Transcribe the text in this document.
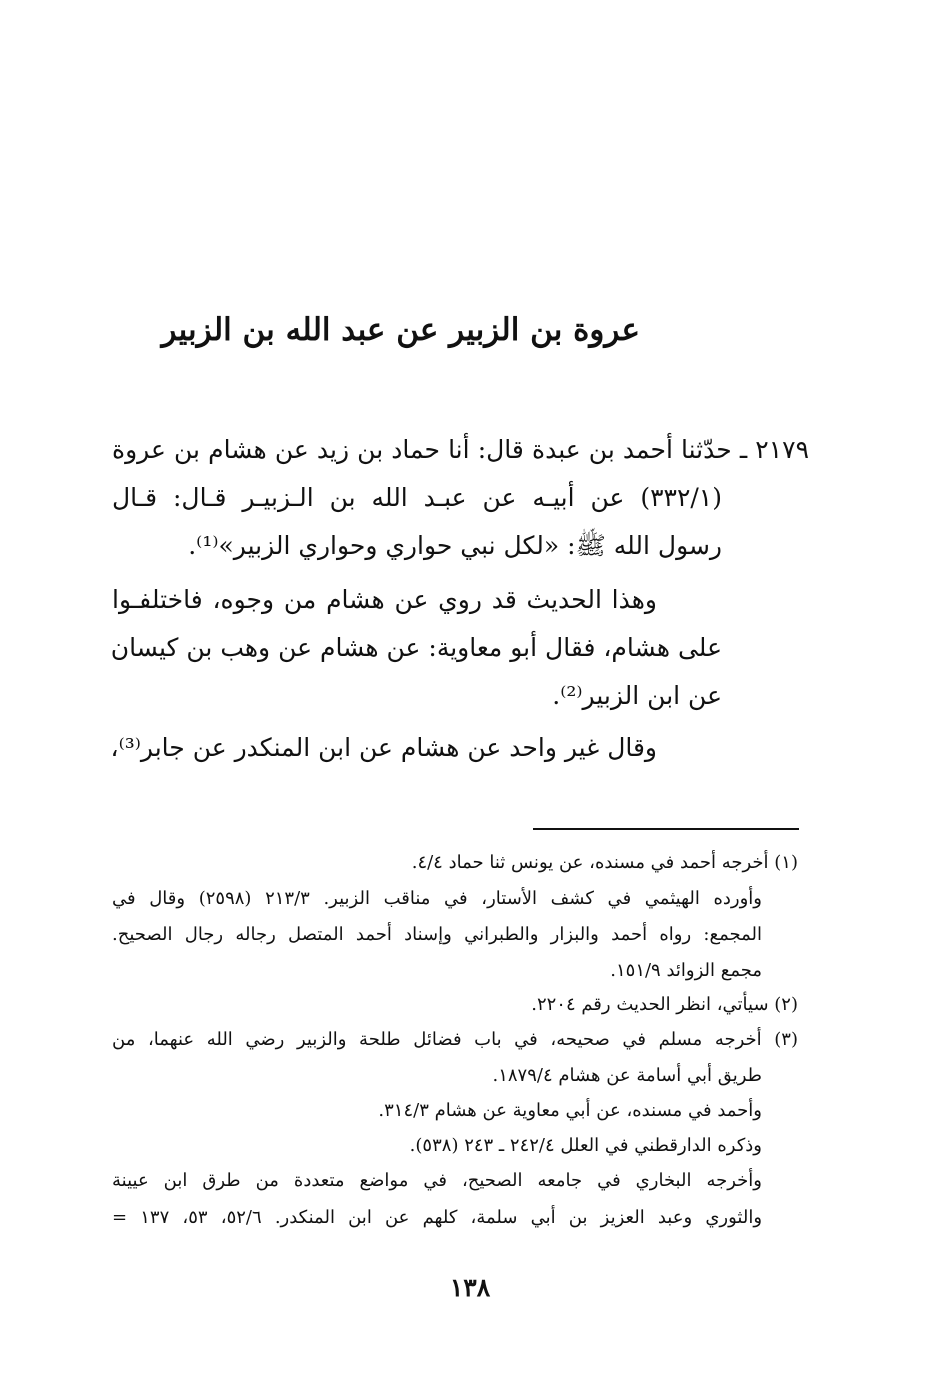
عروة بن الزبير عن عبد الله بن الزبير
٢١٧٩ ـ حدّثنا أحمد بن عبدة قال: أنا حماد بن زيد عن هشام بن عروة
(٣٣٢/١) عن أبيـه عن عبـد الله بن الـزبيـر قـال: قـال
رسول الله ﷺ: «لكل نبي حواري وحواري الزبير»⁽¹⁾.
وهذا الحديث قد روي عن هشام من وجوه، فاختلفـوا
على هشام، فقال أبو معاوية: عن هشام عن وهب بن كيسان
عن ابن الزبير⁽²⁾.
وقال غير واحد عن هشام عن ابن المنكدر عن جابر⁽³⁾،
(١) أخرجه أحمد في مسنده، عن يونس ثنا حماد ٤/٤.
وأورده الهيثمي في كشف الأستار، في مناقب الزبير. ٢١٣/٣ (٢٥٩٨) وقال في
المجمع: رواه أحمد والبزار والطبراني وإسناد أحمد المتصل رجاله رجال الصحيح.
مجمع الزوائد ١٥١/٩.
(٢) سيأتي، انظر الحديث رقم ٢٢٠٤.
(٣) أخرجه مسلم في صحيحه، في باب فضائل طلحة والزبير رضي الله عنهما، من
طريق أبي أسامة عن هشام ١٨٧٩/٤.
وأحمد في مسنده، عن أبي معاوية عن هشام ٣١٤/٣.
وذكره الدارقطني في العلل ٢٤٢/٤ ـ ٢٤٣ (٥٣٨).
وأخرجه البخاري في جامعه الصحيح، في مواضع متعددة من طرق ابن عيينة
والثوري وعبد العزيز بن أبي سلمة، كلهم عن ابن المنكدر. ٥٢/٦، ٥٣، ١٣٧ =
١٣٨
